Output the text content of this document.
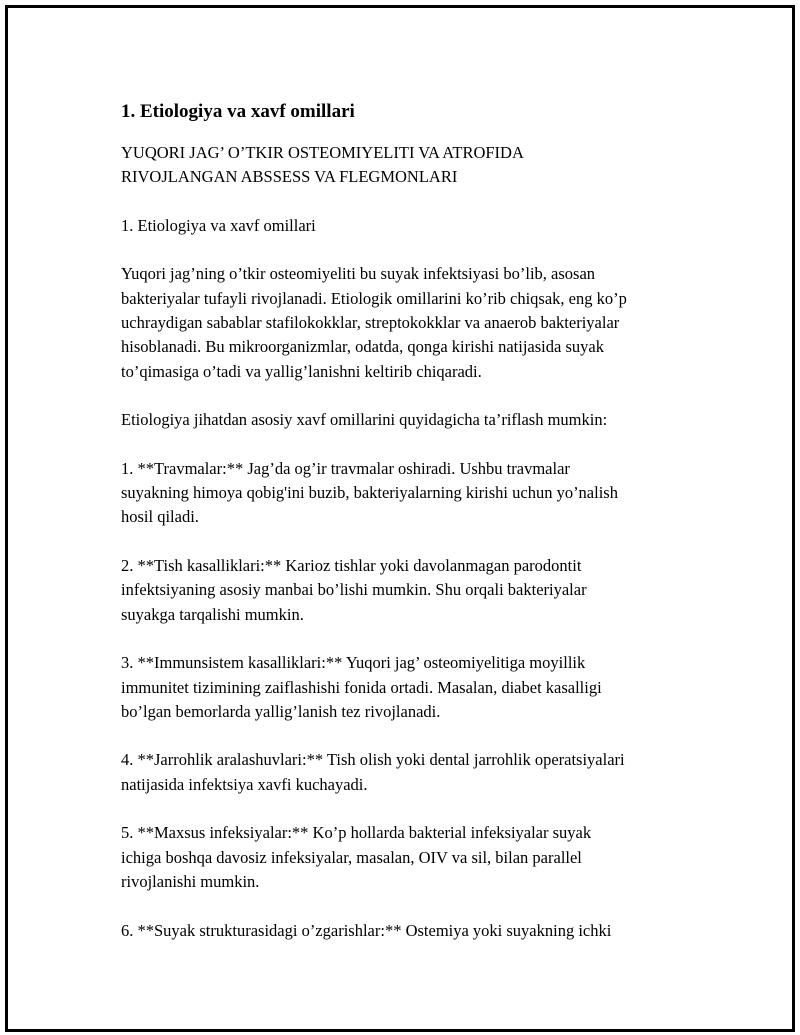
1. Etiologiya va xavf omillari
YUQORI JAG’ O’TKIR OSTEOMIYELITI VA ATROFIDA
RIVOJLANGAN ABSSESS VA FLEGMONLARI

1. Etiologiya va xavf omillari

Yuqori jag’ning o’tkir osteomiyeliti bu suyak infektsiyasi bo’lib, asosan
bakteriyalar tufayli rivojlanadi. Etiologik omillarini ko’rib chiqsak, eng ko’p
uchraydigan sabablar stafilokokklar, streptokokklar va anaerob bakteriyalar
hisoblanadi. Bu mikroorganizmlar, odatda, qonga kirishi natijasida suyak
to’qimasiga o’tadi va yallig’lanishni keltirib chiqaradi.

Etiologiya jihatdan asosiy xavf omillarini quyidagicha ta’riflash mumkin:

1. **Travmalar:** Jag’da og’ir travmalar oshiradi. Ushbu travmalar
suyakning himoya qobig'ini buzib, bakteriyalarning kirishi uchun yo’nalish
hosil qiladi.

2. **Tish kasalliklari:** Karioz tishlar yoki davolanmagan parodontit
infektsiyaning asosiy manbai bo’lishi mumkin. Shu orqali bakteriyalar
suyakga tarqalishi mumkin.

3. **Immunsistem kasalliklari:** Yuqori jag’ osteomiyelitiga moyillik
immunitet tizimining zaiflashishi fonida ortadi. Masalan, diabet kasalligi
bo’lgan bemorlarda yallig’lanish tez rivojlanadi.

4. **Jarrohlik aralashuvlari:** Tish olish yoki dental jarrohlik operatsiyalari
natijasida infektsiya xavfi kuchayadi.

5. **Maxsus infeksiyalar:** Ko’p hollarda bakterial infeksiyalar suyak
ichiga boshqa davosiz infeksiyalar, masalan, OIV va sil, bilan parallel
rivojlanishi mumkin.

6. **Suyak strukturasidagi o’zgarishlar:** Ostemiya yoki suyakning ichki
